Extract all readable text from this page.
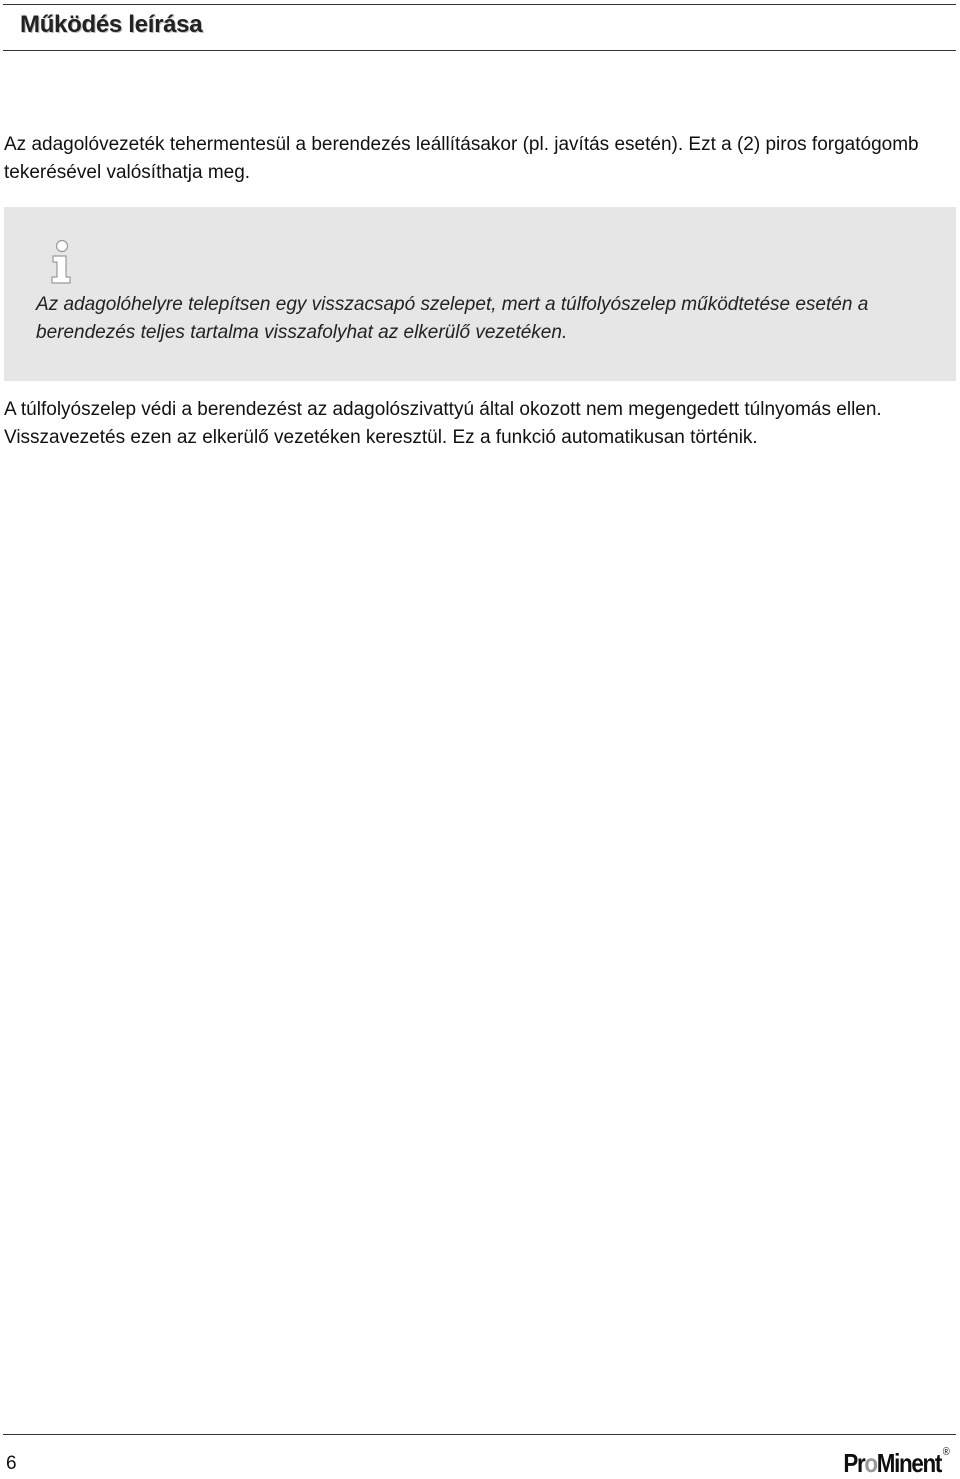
Működés leírása

Az adagolóvezeték tehermentesül a berendezés leállításakor (pl. javítás esetén). Ezt a (2) piros forgatógomb tekerésével valósíthatja meg.

Az adagolóhelyre telepítsen egy visszacsapó szelepet, mert a túlfolyószelep működtetése esetén a berendezés teljes tartalma visszafolyhat az elkerülő vezetéken.

A túlfolyószelep védi a berendezést az adagolószivattyú által okozott nem megengedett túlnyomás ellen. Visszavezetés ezen az elkerülő vezetéken keresztül. Ez a funkció automatikusan történik.

6	ProMinent ®
